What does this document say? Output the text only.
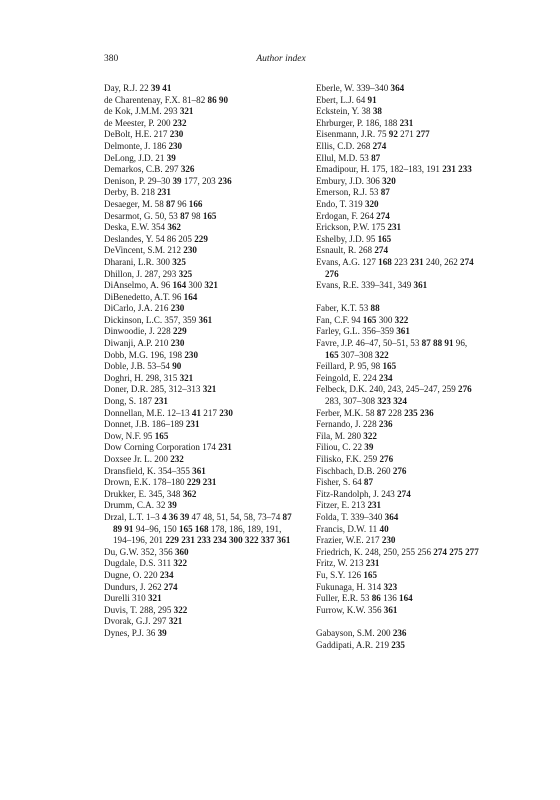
380	Author index
Day, R.J. 22 39 41
de Charentenay, F.X. 81–82 86 90
de Kok, J.M.M. 293 321
de Meester, P. 200 232
DeBolt, H.E. 217 230
Delmonte, J. 186 230
DeLong, J.D. 21 39
Demarkos, C.B. 297 326
Denison, P. 29–30 39 177, 203 236
Derby, B. 218 231
Desaeger, M. 58 87 96 166
Desarmot, G. 50, 53 87 98 165
Deska, E.W. 354 362
Deslandes, Y. 54 86 205 229
DeVincent, S.M. 212 230
Dharani, L.R. 300 325
Dhillon, J. 287, 293 325
DiAnselmo, A. 96 164 300 321
DiBenedetto, A.T. 96 164
DiCarlo, J.A. 216 230
Dickinson, L.C. 357, 359 361
Dinwoodie, J. 228 229
Diwanji, A.P. 210 230
Dobb, M.G. 196, 198 230
Doble, J.B. 53–54 90
Doghri, H. 298, 315 321
Doner, D.R. 285, 312–313 321
Dong, S. 187 231
Donnellan, M.E. 12–13 41 217 230
Donnet, J.B. 186–189 231
Dow, N.F. 95 165
Dow Corning Corporation 174 231
Doxsee Jr. L. 200 232
Dransfield, K. 354–355 361
Drown, E.K. 178–180 229 231
Drukker, E. 345, 348 362
Drumm, C.A. 32 39
Drzal, L.T. 1–3 4 36 39 47 48, 51, 54, 58, 73–74 87 89 91 94–96, 150 165 168 178, 186, 189, 191, 194–196, 201 229 231 233 234 300 322 337 361
Du, G.W. 352, 356 360
Dugdale, D.S. 311 322
Dugne, O. 220 234
Dundurs, J. 262 274
Durelli 310 321
Duvis, T. 288, 295 322
Dvorak, G.J. 297 321
Dynes, P.J. 36 39
Eberle, W. 339–340 364
Ebert, L.J. 64 91
Eckstein, Y. 38 38
Ehrburger, P. 186, 188 231
Eisenmann, J.R. 75 92 271 277
Ellis, C.D. 268 274
Ellul, M.D. 53 87
Emadipour, H. 175, 182–183, 191 231 233
Embury, J.D. 306 320
Emerson, R.J. 53 87
Endo, T. 319 320
Erdogan, F. 264 274
Erickson, P.W. 175 231
Eshelby, J.D. 95 165
Esnault, R. 268 274
Evans, A.G. 127 168 223 231 240, 262 274 276
Evans, R.E. 339–341, 349 361
Faber, K.T. 53 88
Fan, C.F. 94 165 300 322
Farley, G.L. 356–359 361
Favre, J.P. 46–47, 50–51, 53 87 88 91 96, 165 307–308 322
Feillard, P. 95, 98 165
Feingold, E. 224 234
Felbeck, D.K. 240, 243, 245–247, 259 276 283, 307–308 323 324
Ferber, M.K. 58 87 228 235 236
Fernando, J. 228 236
Fila, M. 280 322
Filiou, C. 22 39
Filisko, F.K. 259 276
Fischbach, D.B. 260 276
Fisher, S. 64 87
Fitz-Randolph, J. 243 274
Fitzer, E. 213 231
Folda, T. 339–340 364
Francis, D.W. 11 40
Frazier, W.E. 217 230
Friedrich, K. 248, 250, 255 256 274 275 277
Fritz, W. 213 231
Fu, S.Y. 126 165
Fukunaga, H. 314 323
Fuller, E.R. 53 86 136 164
Furrow, K.W. 356 361
Gabayson, S.M. 200 236
Gaddipati, A.R. 219 235
